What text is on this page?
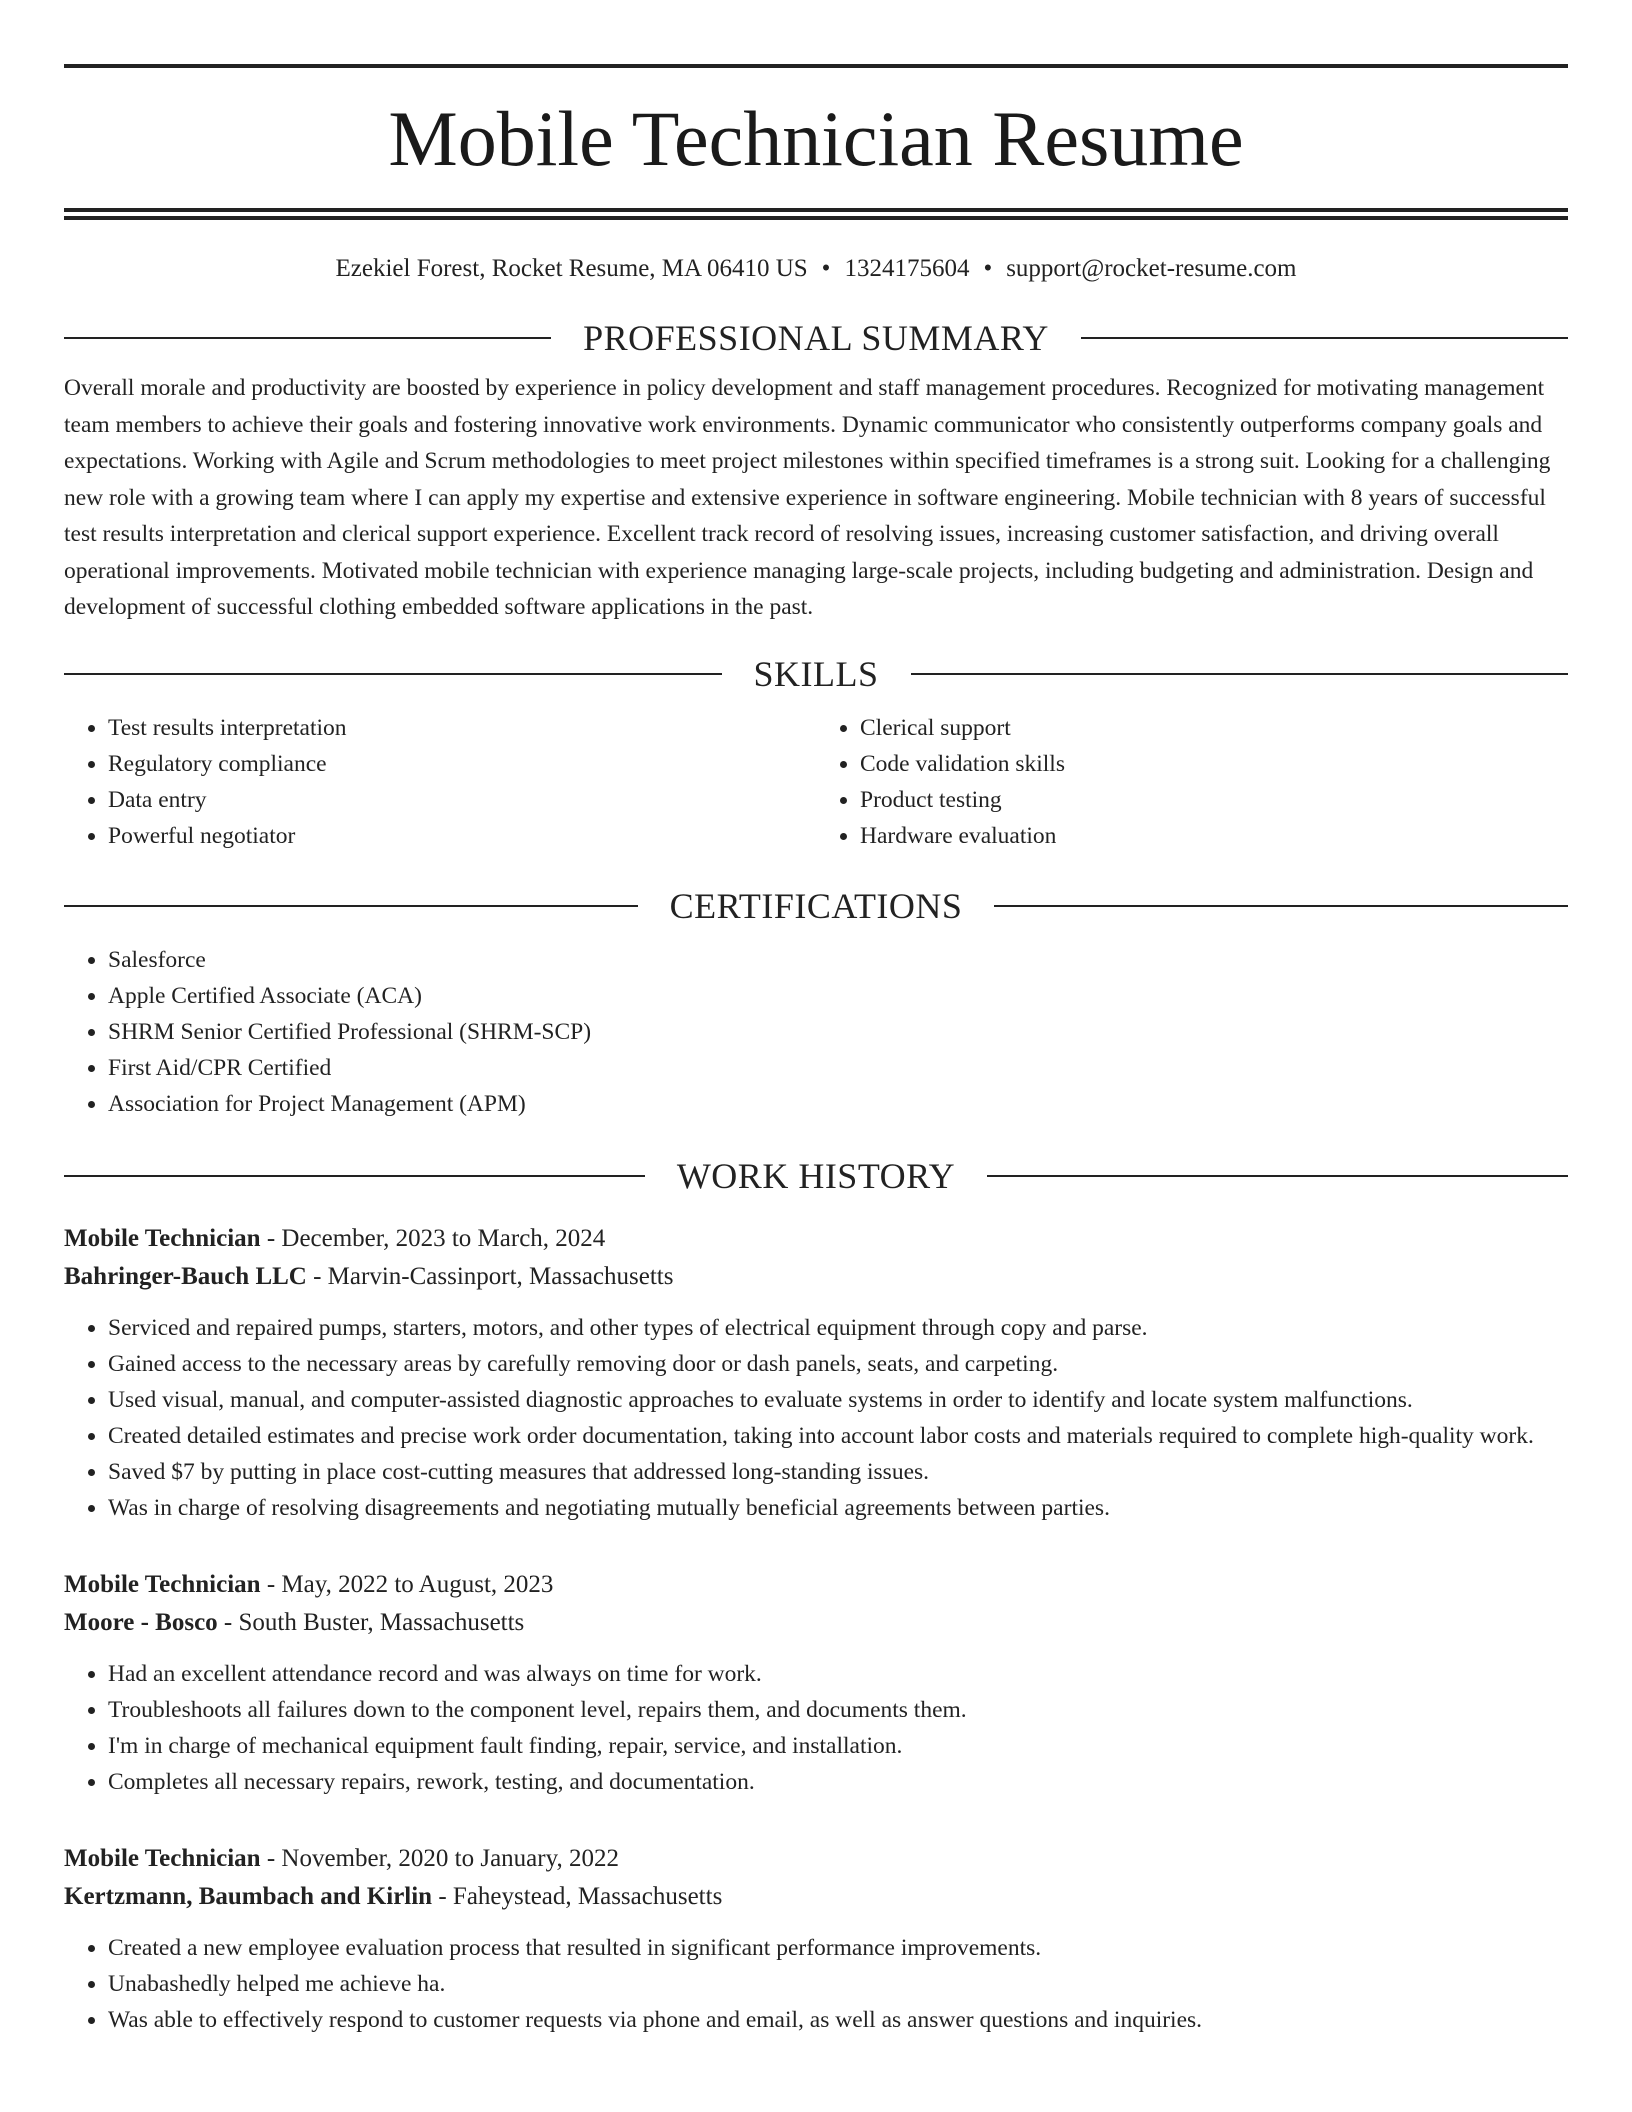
Mobile Technician Resume
Ezekiel Forest, Rocket Resume, MA 06410 US • 1324175604 • support@rocket-resume.com
PROFESSIONAL SUMMARY
Overall morale and productivity are boosted by experience in policy development and staff management procedures. Recognized for motivating management team members to achieve their goals and fostering innovative work environments. Dynamic communicator who consistently outperforms company goals and expectations. Working with Agile and Scrum methodologies to meet project milestones within specified timeframes is a strong suit. Looking for a challenging new role with a growing team where I can apply my expertise and extensive experience in software engineering. Mobile technician with 8 years of successful test results interpretation and clerical support experience. Excellent track record of resolving issues, increasing customer satisfaction, and driving overall operational improvements. Motivated mobile technician with experience managing large-scale projects, including budgeting and administration. Design and development of successful clothing embedded software applications in the past.
SKILLS
• Test results interpretation
• Regulatory compliance
• Data entry
• Powerful negotiator
• Clerical support
• Code validation skills
• Product testing
• Hardware evaluation
CERTIFICATIONS
• Salesforce
• Apple Certified Associate (ACA)
• SHRM Senior Certified Professional (SHRM-SCP)
• First Aid/CPR Certified
• Association for Project Management (APM)
WORK HISTORY
Mobile Technician - December, 2023 to March, 2024
Bahringer-Bauch LLC - Marvin-Cassinport, Massachusetts
• Serviced and repaired pumps, starters, motors, and other types of electrical equipment through copy and parse.
• Gained access to the necessary areas by carefully removing door or dash panels, seats, and carpeting.
• Used visual, manual, and computer-assisted diagnostic approaches to evaluate systems in order to identify and locate system malfunctions.
• Created detailed estimates and precise work order documentation, taking into account labor costs and materials required to complete high-quality work.
• Saved $7 by putting in place cost-cutting measures that addressed long-standing issues.
• Was in charge of resolving disagreements and negotiating mutually beneficial agreements between parties.
Mobile Technician - May, 2022 to August, 2023
Moore - Bosco - South Buster, Massachusetts
• Had an excellent attendance record and was always on time for work.
• Troubleshoots all failures down to the component level, repairs them, and documents them.
• I'm in charge of mechanical equipment fault finding, repair, service, and installation.
• Completes all necessary repairs, rework, testing, and documentation.
Mobile Technician - November, 2020 to January, 2022
Kertzmann, Baumbach and Kirlin - Faheystead, Massachusetts
• Created a new employee evaluation process that resulted in significant performance improvements.
• Unabashedly helped me achieve ha.
• Was able to effectively respond to customer requests via phone and email, as well as answer questions and inquiries.
